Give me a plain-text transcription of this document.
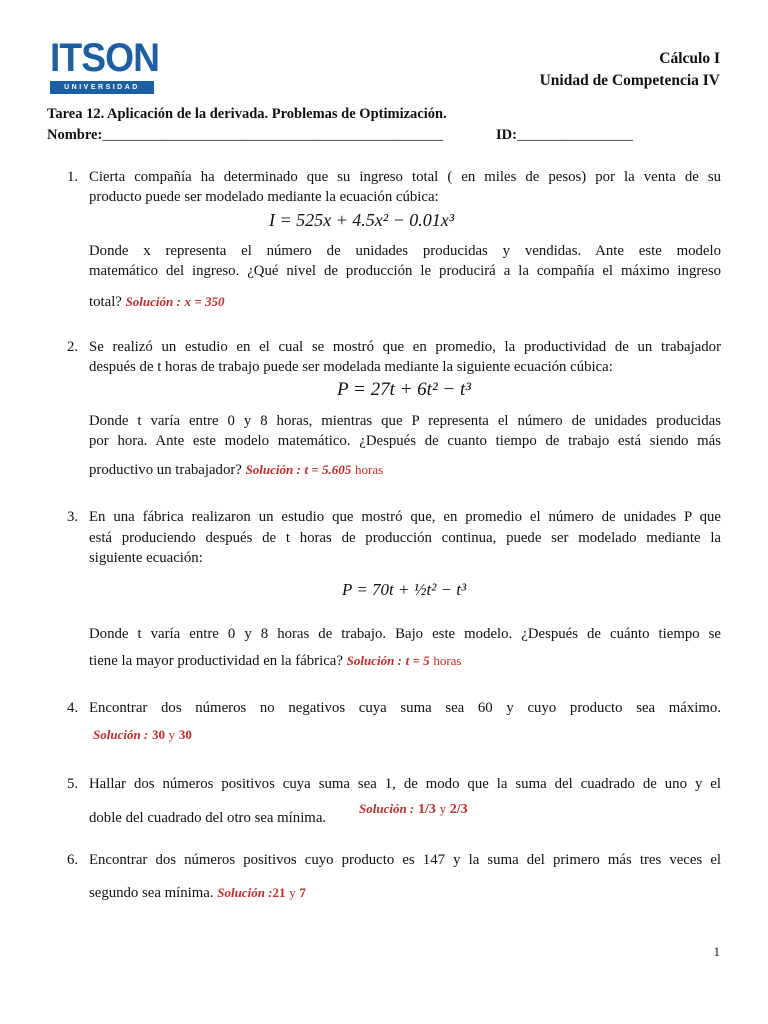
ITSON
UNIVERSIDAD
Cálculo I
Unidad de Competencia IV
Tarea 12. Aplicación de la derivada. Problemas de Optimización.
Nombre:_______________________________________________	ID:________________
1. Cierta compañía ha determinado que su ingreso total ( en miles de pesos) por la venta de su
producto puede ser modelado mediante la ecuación cúbica:
I = 525x + 4.5x² − 0.01x³
Donde x representa el número de unidades producidas y vendidas. Ante este modelo
matemático del ingreso. ¿Qué nivel de producción le producirá a la compañía el máximo ingreso
total? Solución : x = 350
2. Se realizó un estudio en el cual se mostró que en promedio, la productividad de un trabajador
después de t horas de trabajo puede ser modelada mediante la siguiente ecuación cúbica:
P = 27t + 6t² − t³
Donde t varía entre 0 y 8 horas, mientras que P representa el número de unidades producidas
por hora. Ante este modelo matemático. ¿Después de cuanto tiempo de trabajo está siendo más
productivo un trabajador? Solución : t = 5.605 horas
3. En una fábrica realizaron un estudio que mostró que, en promedio el número de unidades P que
está produciendo después de t horas de producción continua, puede ser modelado mediante la
siguiente ecuación:
P = 70t + ½t² − t³
Donde t varía entre 0 y 8 horas de trabajo. Bajo este modelo. ¿Después de cuánto tiempo se
tiene la mayor productividad en la fábrica? Solución : t = 5 horas
4. Encontrar dos números no negativos cuya suma sea 60 y cuyo producto sea máximo.
Solución : 30 y 30
5. Hallar dos números positivos cuya suma sea 1, de modo que la suma del cuadrado de uno y el
doble del cuadrado del otro sea mínima.
Solución : 1/3 y 2/3
6. Encontrar dos números positivos cuyo producto es 147 y la suma del primero más tres veces el
segundo sea mínima. Solución :21 y 7
1
